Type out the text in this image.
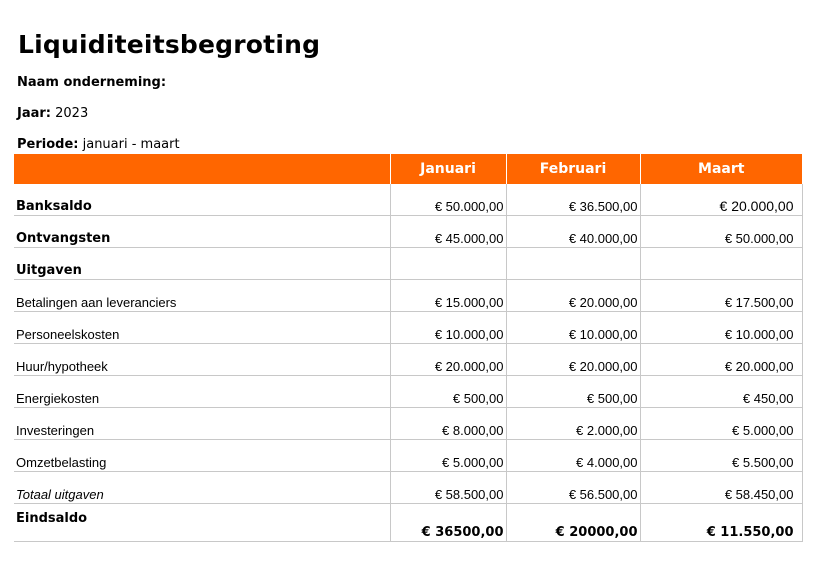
Liquiditeitsbegroting
Naam onderneming:
Jaar: 2023
Periode: januari - maart
	Januari	Februari	Maart
Banksaldo	€ 50.000,00	€ 36.500,00	€ 20.000,00
Ontvangsten	€ 45.000,00	€ 40.000,00	€ 50.000,00
Uitgaven			
Betalingen aan leveranciers	€ 15.000,00	€ 20.000,00	€ 17.500,00
Personeelskosten	€ 10.000,00	€ 10.000,00	€ 10.000,00
Huur/hypotheek	€ 20.000,00	€ 20.000,00	€ 20.000,00
Energiekosten	€ 500,00	€ 500,00	€ 450,00
Investeringen	€ 8.000,00	€ 2.000,00	€ 5.000,00
Omzetbelasting	€ 5.000,00	€ 4.000,00	€ 5.500,00
Totaal uitgaven	€ 58.500,00	€ 56.500,00	€ 58.450,00
Eindsaldo	€ 36500,00	€ 20000,00	€ 11.550,00
